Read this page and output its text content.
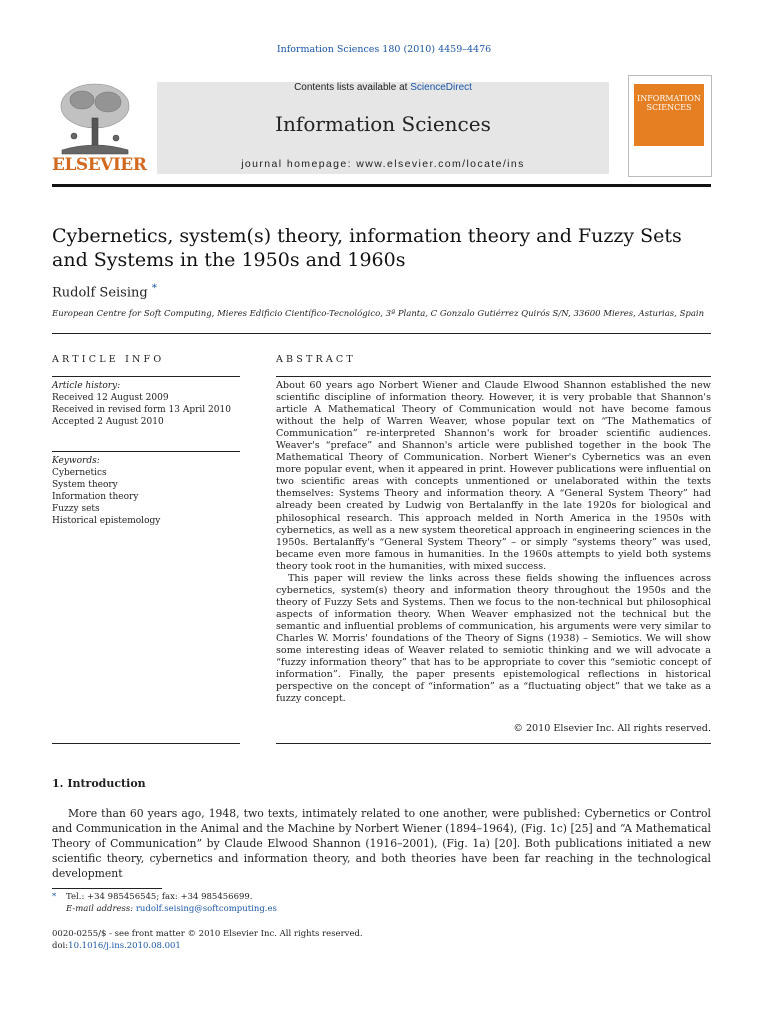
Information Sciences 180 (2010) 4459–4476
ELSEVIER
Contents lists available at ScienceDirect
Information Sciences
journal homepage: www.elsevier.com/locate/ins
INFORMATION SCIENCES
Cybernetics, system(s) theory, information theory and Fuzzy Sets and Systems in the 1950s and 1960s
Rudolf Seising *
European Centre for Soft Computing, Mieres Edificio Científico-Tecnológico, 3ª Planta, C Gonzalo Gutiérrez Quirós S/N, 33600 Mieres, Asturias, Spain
ARTICLE INFO
Article history:
Received 12 August 2009
Received in revised form 13 April 2010
Accepted 2 August 2010
Keywords:
Cybernetics
System theory
Information theory
Fuzzy sets
Historical epistemology
ABSTRACT

About 60 years ago Norbert Wiener and Claude Elwood Shannon established the new scientific discipline of information theory. However, it is very probable that Shannon's article A Mathematical Theory of Communication would not have become famous without the help of Warren Weaver, whose popular text on “The Mathematics of Communication” re-interpreted Shannon's work for broader scientific audiences. Weaver's “preface” and Shannon's article were published together in the book The Mathematical Theory of Communication. Norbert Wiener's Cybernetics was an even more popular event, when it appeared in print. However publications were influential on two scientific areas with concepts unmentioned or unelaborated within the texts themselves: Systems Theory and information theory. A “General System Theory” had already been created by Ludwig von Bertalanffy in the late 1920s for biological and philosophical research. This approach melded in North America in the 1950s with cybernetics, as well as a new system theoretical approach in engineering sciences in the 1950s. Bertalanffy's “General System Theory” – or simply “systems theory” was used, became even more famous in humanities. In the 1960s attempts to yield both systems theory took root in the humanities, with mixed success.

This paper will review the links across these fields showing the influences across cybernetics, system(s) theory and information theory throughout the 1950s and the theory of Fuzzy Sets and Systems. Then we focus to the non-technical but philosophical aspects of information theory. When Weaver emphasized not the technical but the semantic and influential problems of communication, his arguments were very similar to Charles W. Morris' foundations of the Theory of Signs (1938) – Semiotics. We will show some interesting ideas of Weaver related to semiotic thinking and we will advocate a “fuzzy information theory” that has to be appropriate to cover this “semiotic concept of information”. Finally, the paper presents epistemological reflections in historical perspective on the concept of “information” as a “fluctuating object” that we take as a fuzzy concept.

© 2010 Elsevier Inc. All rights reserved.
1. Introduction

More than 60 years ago, 1948, two texts, intimately related to one another, were published: Cybernetics or Control and Communication in the Animal and the Machine by Norbert Wiener (1894–1964), (Fig. 1c) [25] and “A Mathematical Theory of Communication” by Claude Elwood Shannon (1916–2001), (Fig. 1a) [20]. Both publications initiated a new scientific theory, cybernetics and information theory, and both theories have been far reaching in the technological development

* Tel.: +34 985456545; fax: +34 985456699.
E-mail address: rudolf.seising@softcomputing.es
0020-0255/$ - see front matter © 2010 Elsevier Inc. All rights reserved.
doi:10.1016/j.ins.2010.08.001
